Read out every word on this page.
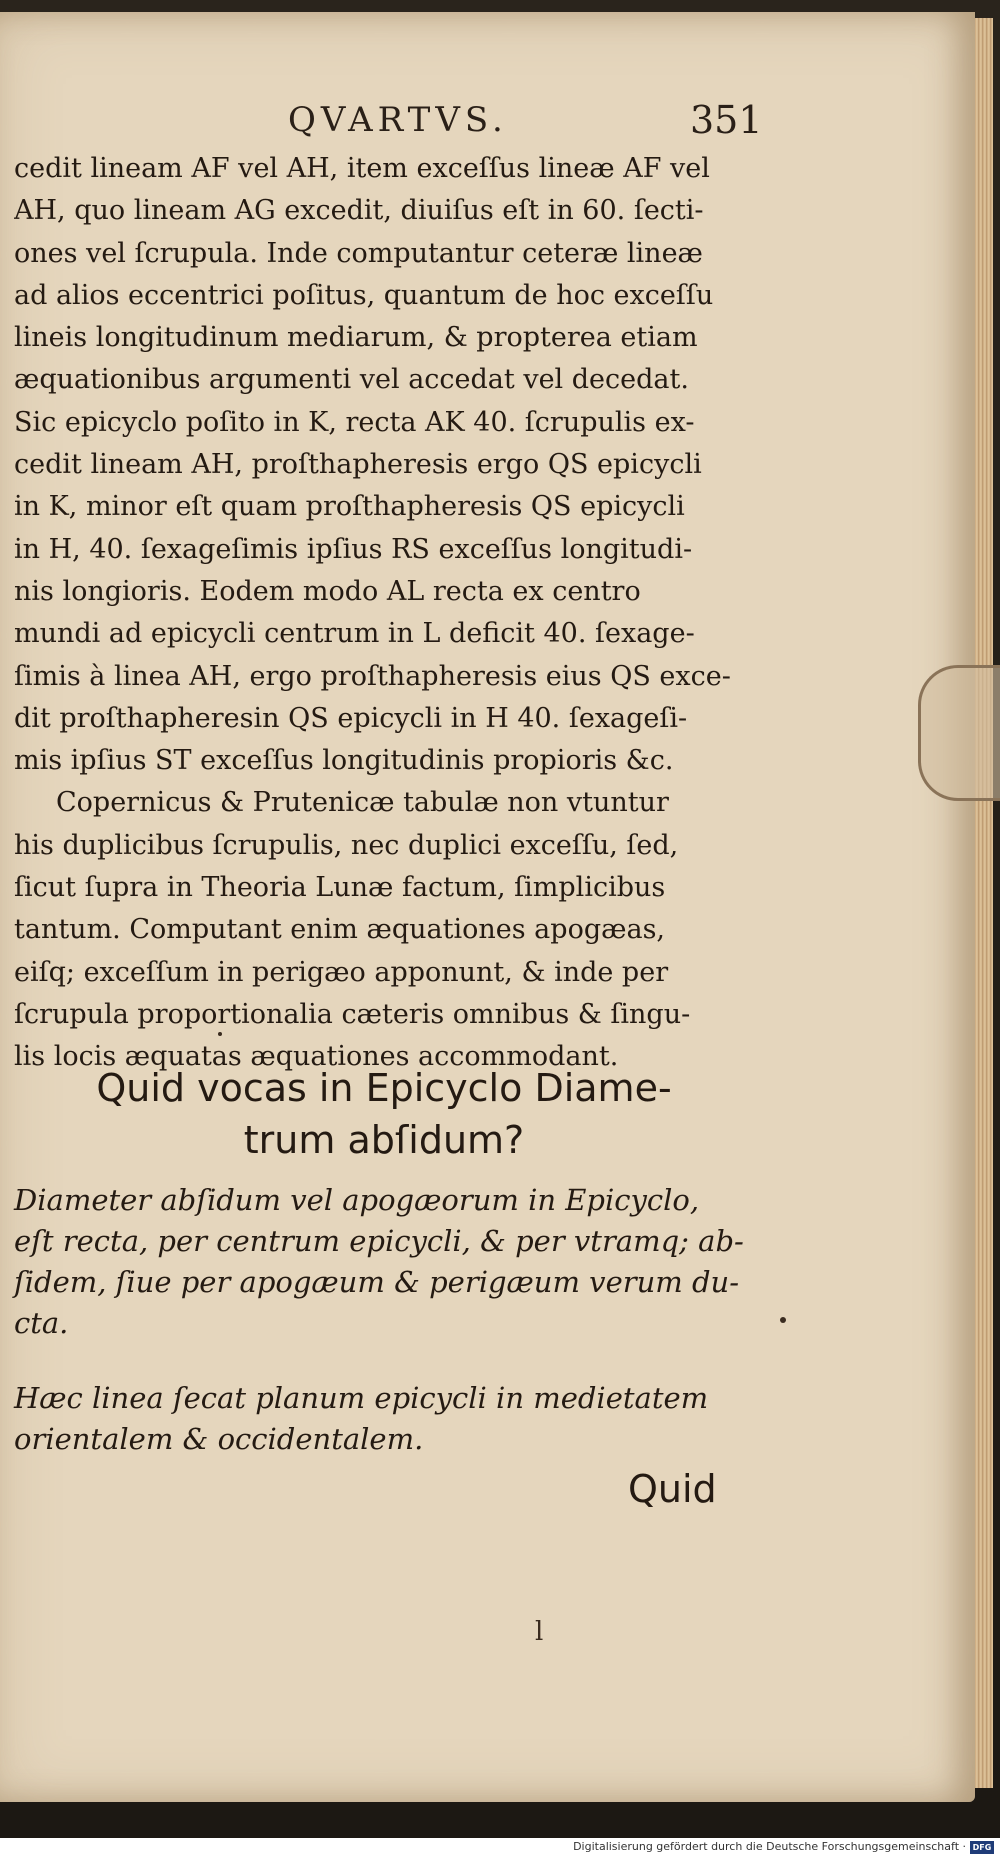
QVARTVS.	351
cedit lineam AF vel AH, item exceſſus lineæ AF vel
AH, quo lineam AG excedit, diuiſus eſt in 60. ſecti-
ones vel ſcrupula. Inde computantur ceteræ lineæ
ad alios eccentrici poſitus, quantum de hoc exceſſu
lineis longitudinum mediarum, & propterea etiam
æquationibus argumenti vel accedat vel decedat.
Sic epicyclo poſito in K, recta AK 40. ſcrupulis ex-
cedit lineam AH, proſthapheresis ergo QS epicycli
in K, minor eſt quam proſthapheresis QS epicycli
in H, 40. ſexageſimis ipſius RS exceſſus longitudi-
nis longioris. Eodem modo AL recta ex centro
mundi ad epicycli centrum in L deficit 40. ſexage-
ſimis à linea AH, ergo proſthapheresis eius QS exce-
dit proſthapheresin QS epicycli in H 40. ſexageſi-
mis ipſius ST exceſſus longitudinis propioris &c.
Copernicus & Prutenicæ tabulæ non vtuntur
his duplicibus ſcrupulis, nec duplici exceſſu, ſed,
ſicut ſupra in Theoria Lunæ factum, ſimplicibus
tantum. Computant enim æquationes apogæas,
eiſq; exceſſum in perigæo apponunt, & inde per
ſcrupula proportionalia cæteris omnibus & ſingu-
lis locis æquatas æquationes accommodant.
Quid vocas in Epicyclo Diame-
trum abſidum?
Diameter abſidum vel apogæorum in Epicyclo,
eſt recta, per centrum epicycli, & per vtramq; ab-
ſidem, ſiue per apogæum & perigæum verum du-
cta.
Hæc linea ſecat planum epicycli in medietatem
orientalem & occidentalem.
Quid
l
Digitalisierung gefördert durch die Deutsche Forschungsgemeinschaft · DFG
